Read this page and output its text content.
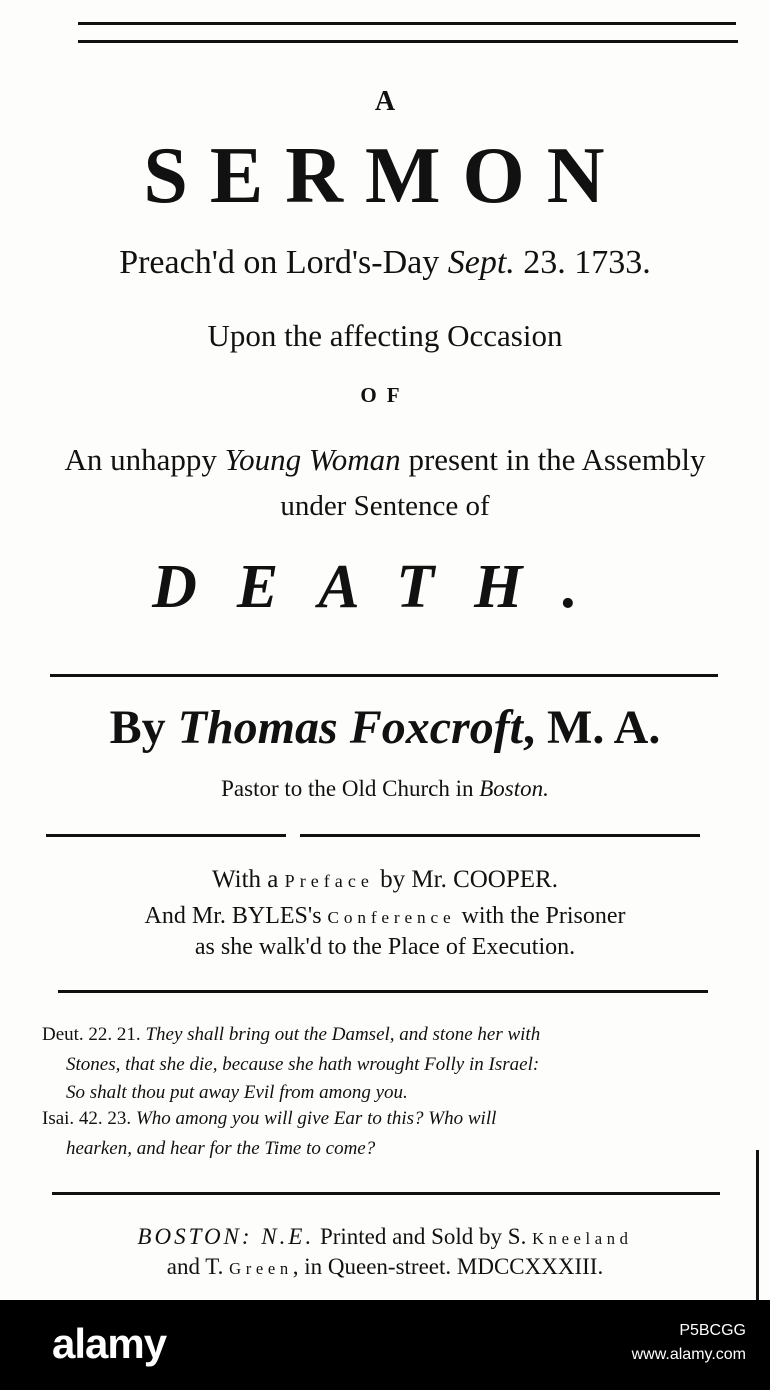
A
SERMON
Preach'd on Lord's-Day Sept. 23. 1733.
Upon the affecting Occasion
OF
An unhappy Young Woman present in the Assembly
under Sentence of
DEATH.
By Thomas Foxcroft, M. A.
Pastor to the Old Church in Boston.
With a Preface by Mr. COOPER.
And Mr. BYLES's Conference with the Prisoner
as she walk'd to the Place of Execution.
Deut. 22. 21. They shall bring out the Damsel, and stone her with
Stones, that she die, because she hath wrought Folly in Israel:
So shalt thou put away Evil from among you.
Isai. 42. 23. Who among you will give Ear to this? Who will
hearken, and hear for the Time to come?
BOSTON: N.E. Printed and Sold by S. Kneeland
and T. Green, in Queen-street. MDCCXXXIII.
alamy	P5BCGG
www.alamy.com
